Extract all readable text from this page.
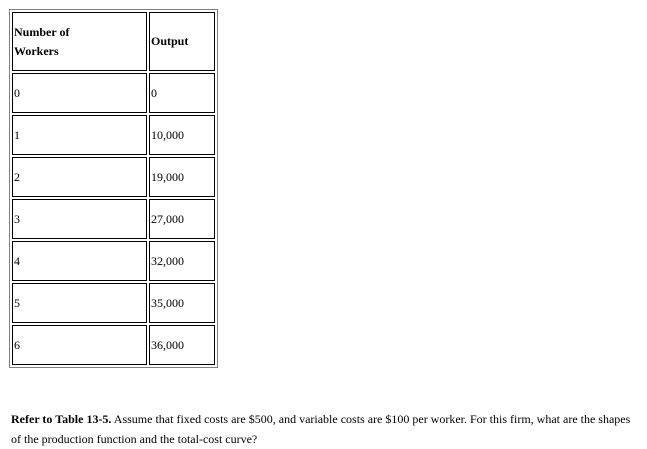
Number of
Workers	Output
0	0
1	10,000
2	19,000
3	27,000
4	32,000
5	35,000
6	36,000

Refer to Table 13-5. Assume that fixed costs are $500, and variable costs are $100 per worker. For this firm, what are the shapes of the production function and the total-cost curve?
